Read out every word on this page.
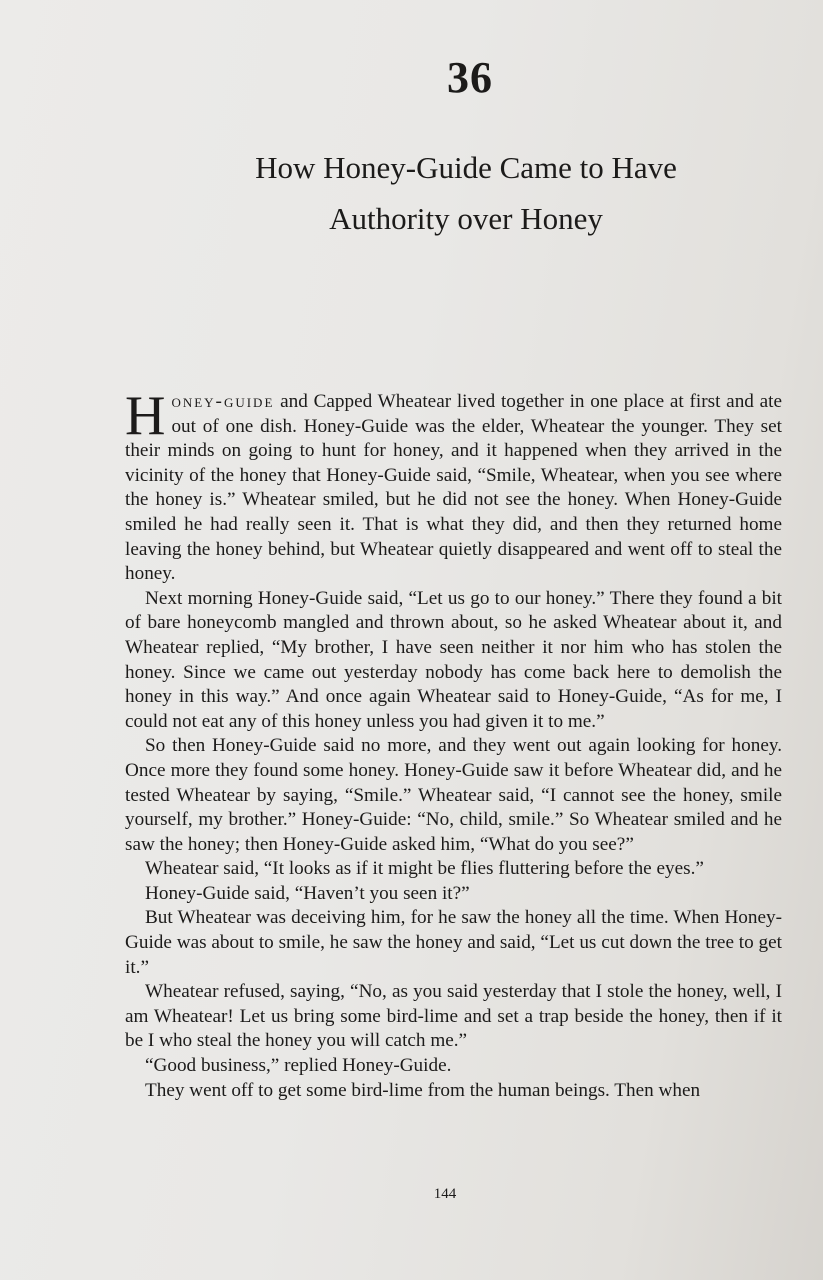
36
How Honey-Guide Came to Have
Authority over Honey

Honey-guide and Capped Wheatear lived together in one place at first and ate out of one dish. Honey-Guide was the elder, Wheatear the younger. They set their minds on going to hunt for honey, and it happened when they arrived in the vicinity of the honey that Honey-Guide said, “Smile, Wheatear, when you see where the honey is.” Wheatear smiled, but he did not see the honey. When Honey-Guide smiled he had really seen it. That is what they did, and then they returned home leaving the honey behind, but Wheatear quietly disappeared and went off to steal the honey.

Next morning Honey-Guide said, “Let us go to our honey.” There they found a bit of bare honeycomb mangled and thrown about, so he asked Wheatear about it, and Wheatear replied, “My brother, I have seen neither it nor him who has stolen the honey. Since we came out yesterday nobody has come back here to demolish the honey in this way.” And once again Wheatear said to Honey-Guide, “As for me, I could not eat any of this honey unless you had given it to me.”

So then Honey-Guide said no more, and they went out again looking for honey. Once more they found some honey. Honey-Guide saw it before Wheatear did, and he tested Wheatear by saying, “Smile.” Wheatear said, “I cannot see the honey, smile yourself, my brother.” Honey-Guide: “No, child, smile.” So Wheatear smiled and he saw the honey; then Honey-Guide asked him, “What do you see?”

Wheatear said, “It looks as if it might be flies fluttering before the eyes.”

Honey-Guide said, “Haven’t you seen it?”

But Wheatear was deceiving him, for he saw the honey all the time. When Honey-Guide was about to smile, he saw the honey and said, “Let us cut down the tree to get it.”

Wheatear refused, saying, “No, as you said yesterday that I stole the honey, well, I am Wheatear! Let us bring some bird-lime and set a trap beside the honey, then if it be I who steal the honey you will catch me.”

“Good business,” replied Honey-Guide.

They went off to get some bird-lime from the human beings. Then when

144
